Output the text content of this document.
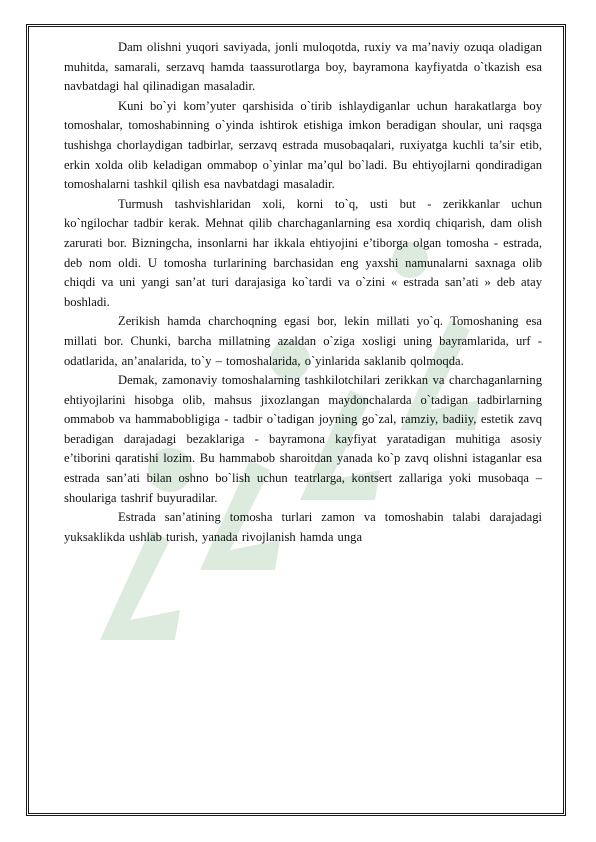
Dam olishni yuqori saviyada, jonli muloqotda, ruxiy va ma’naviy ozuqa oladigan muhitda, samarali, serzavq hamda taassurotlarga boy, bayramona kayfiyatda o`tkazish esa navbatdagi hal qilinadigan masaladir.

Kuni bo`yi kom’yuter qarshisida o`tirib ishlaydiganlar uchun harakatlarga boy tomoshalar, tomoshabinning o`yinda ishtirok etishiga imkon beradigan shoular, uni raqsga tushishga chorlaydigan tadbirlar, serzavq estrada musobaqalari, ruxiyatga kuchli ta’sir etib, erkin xolda olib keladigan ommabop o`yinlar ma’qul bo`ladi. Bu ehtiyojlarni qondiradigan tomoshalarni tashkil qilish esa navbatdagi masaladir.

Turmush tashvishlaridan xoli, korni to`q, usti but - zerikkanlar uchun ko`ngilochar tadbir kerak. Mehnat qilib charchaganlarning esa xordiq chiqarish, dam olish zarurati bor. Bizningcha, insonlarni har ikkala ehtiyojini e’tiborga olgan tomosha - estrada, deb nom oldi. U tomosha turlarining barchasidan eng yaxshi namunalarni saxnaga olib chiqdi va uni yangi san’at turi darajasiga ko`tardi va o`zini « estrada san’ati » deb atay boshladi.

Zerikish hamda charchoqning egasi bor, lekin millati yo`q. Tomoshaning esa millati bor. Chunki, barcha millatning azaldan o`ziga xosligi uning bayramlarida, urf - odatlarida, an’analarida, to`y – tomoshalarida, o`yinlarida saklanib qolmoqda.

Demak, zamonaviy tomoshalarning tashkilotchilari zerikkan va charchaganlarning ehtiyojlarini hisobga olib, mahsus jixozlangan maydonchalarda o`tadigan tadbirlarning ommabob va hammabobligiga - tadbir o`tadigan joyning go`zal, ramziy, badiiy, estetik zavq beradigan darajadagi bezaklariga - bayramona kayfiyat yaratadigan muhitiga asosiy e’tiborini qaratishi lozim. Bu hammabob sharoitdan yanada ko`p zavq olishni istaganlar esa estrada san’ati bilan oshno bo`lish uchun teatrlarga, kontsert zallariga yoki musobaqa – shoulariga tashrif buyuradilar.

Estrada san’atining tomosha turlari zamon va tomoshabin talabi darajadagi yuksaklikda ushlab turish, yanada rivojlanish hamda unga
